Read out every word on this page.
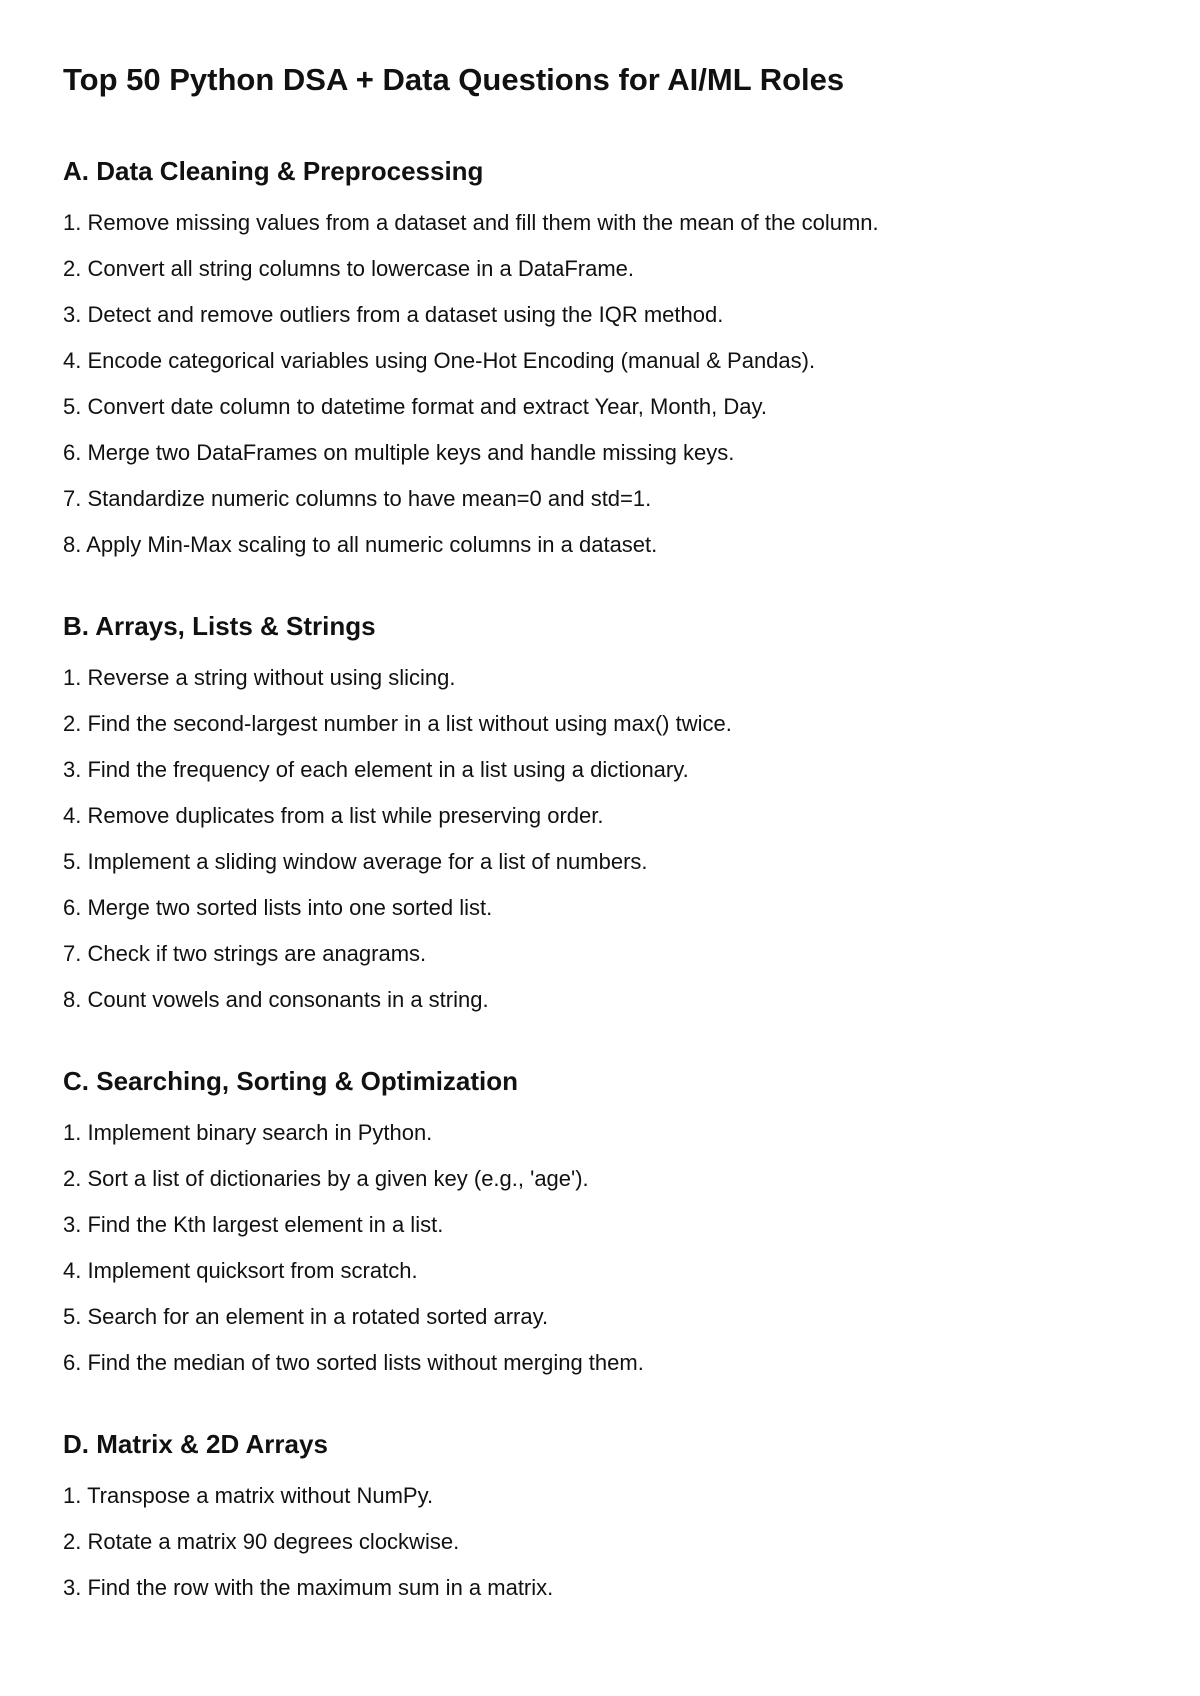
Top 50 Python DSA + Data Questions for AI/ML Roles
A. Data Cleaning & Preprocessing
1. Remove missing values from a dataset and fill them with the mean of the column.
2. Convert all string columns to lowercase in a DataFrame.
3. Detect and remove outliers from a dataset using the IQR method.
4. Encode categorical variables using One-Hot Encoding (manual & Pandas).
5. Convert date column to datetime format and extract Year, Month, Day.
6. Merge two DataFrames on multiple keys and handle missing keys.
7. Standardize numeric columns to have mean=0 and std=1.
8. Apply Min-Max scaling to all numeric columns in a dataset.
B. Arrays, Lists & Strings
1. Reverse a string without using slicing.
2. Find the second-largest number in a list without using max() twice.
3. Find the frequency of each element in a list using a dictionary.
4. Remove duplicates from a list while preserving order.
5. Implement a sliding window average for a list of numbers.
6. Merge two sorted lists into one sorted list.
7. Check if two strings are anagrams.
8. Count vowels and consonants in a string.
C. Searching, Sorting & Optimization
1. Implement binary search in Python.
2. Sort a list of dictionaries by a given key (e.g., 'age').
3. Find the Kth largest element in a list.
4. Implement quicksort from scratch.
5. Search for an element in a rotated sorted array.
6. Find the median of two sorted lists without merging them.
D. Matrix & 2D Arrays
1. Transpose a matrix without NumPy.
2. Rotate a matrix 90 degrees clockwise.
3. Find the row with the maximum sum in a matrix.
